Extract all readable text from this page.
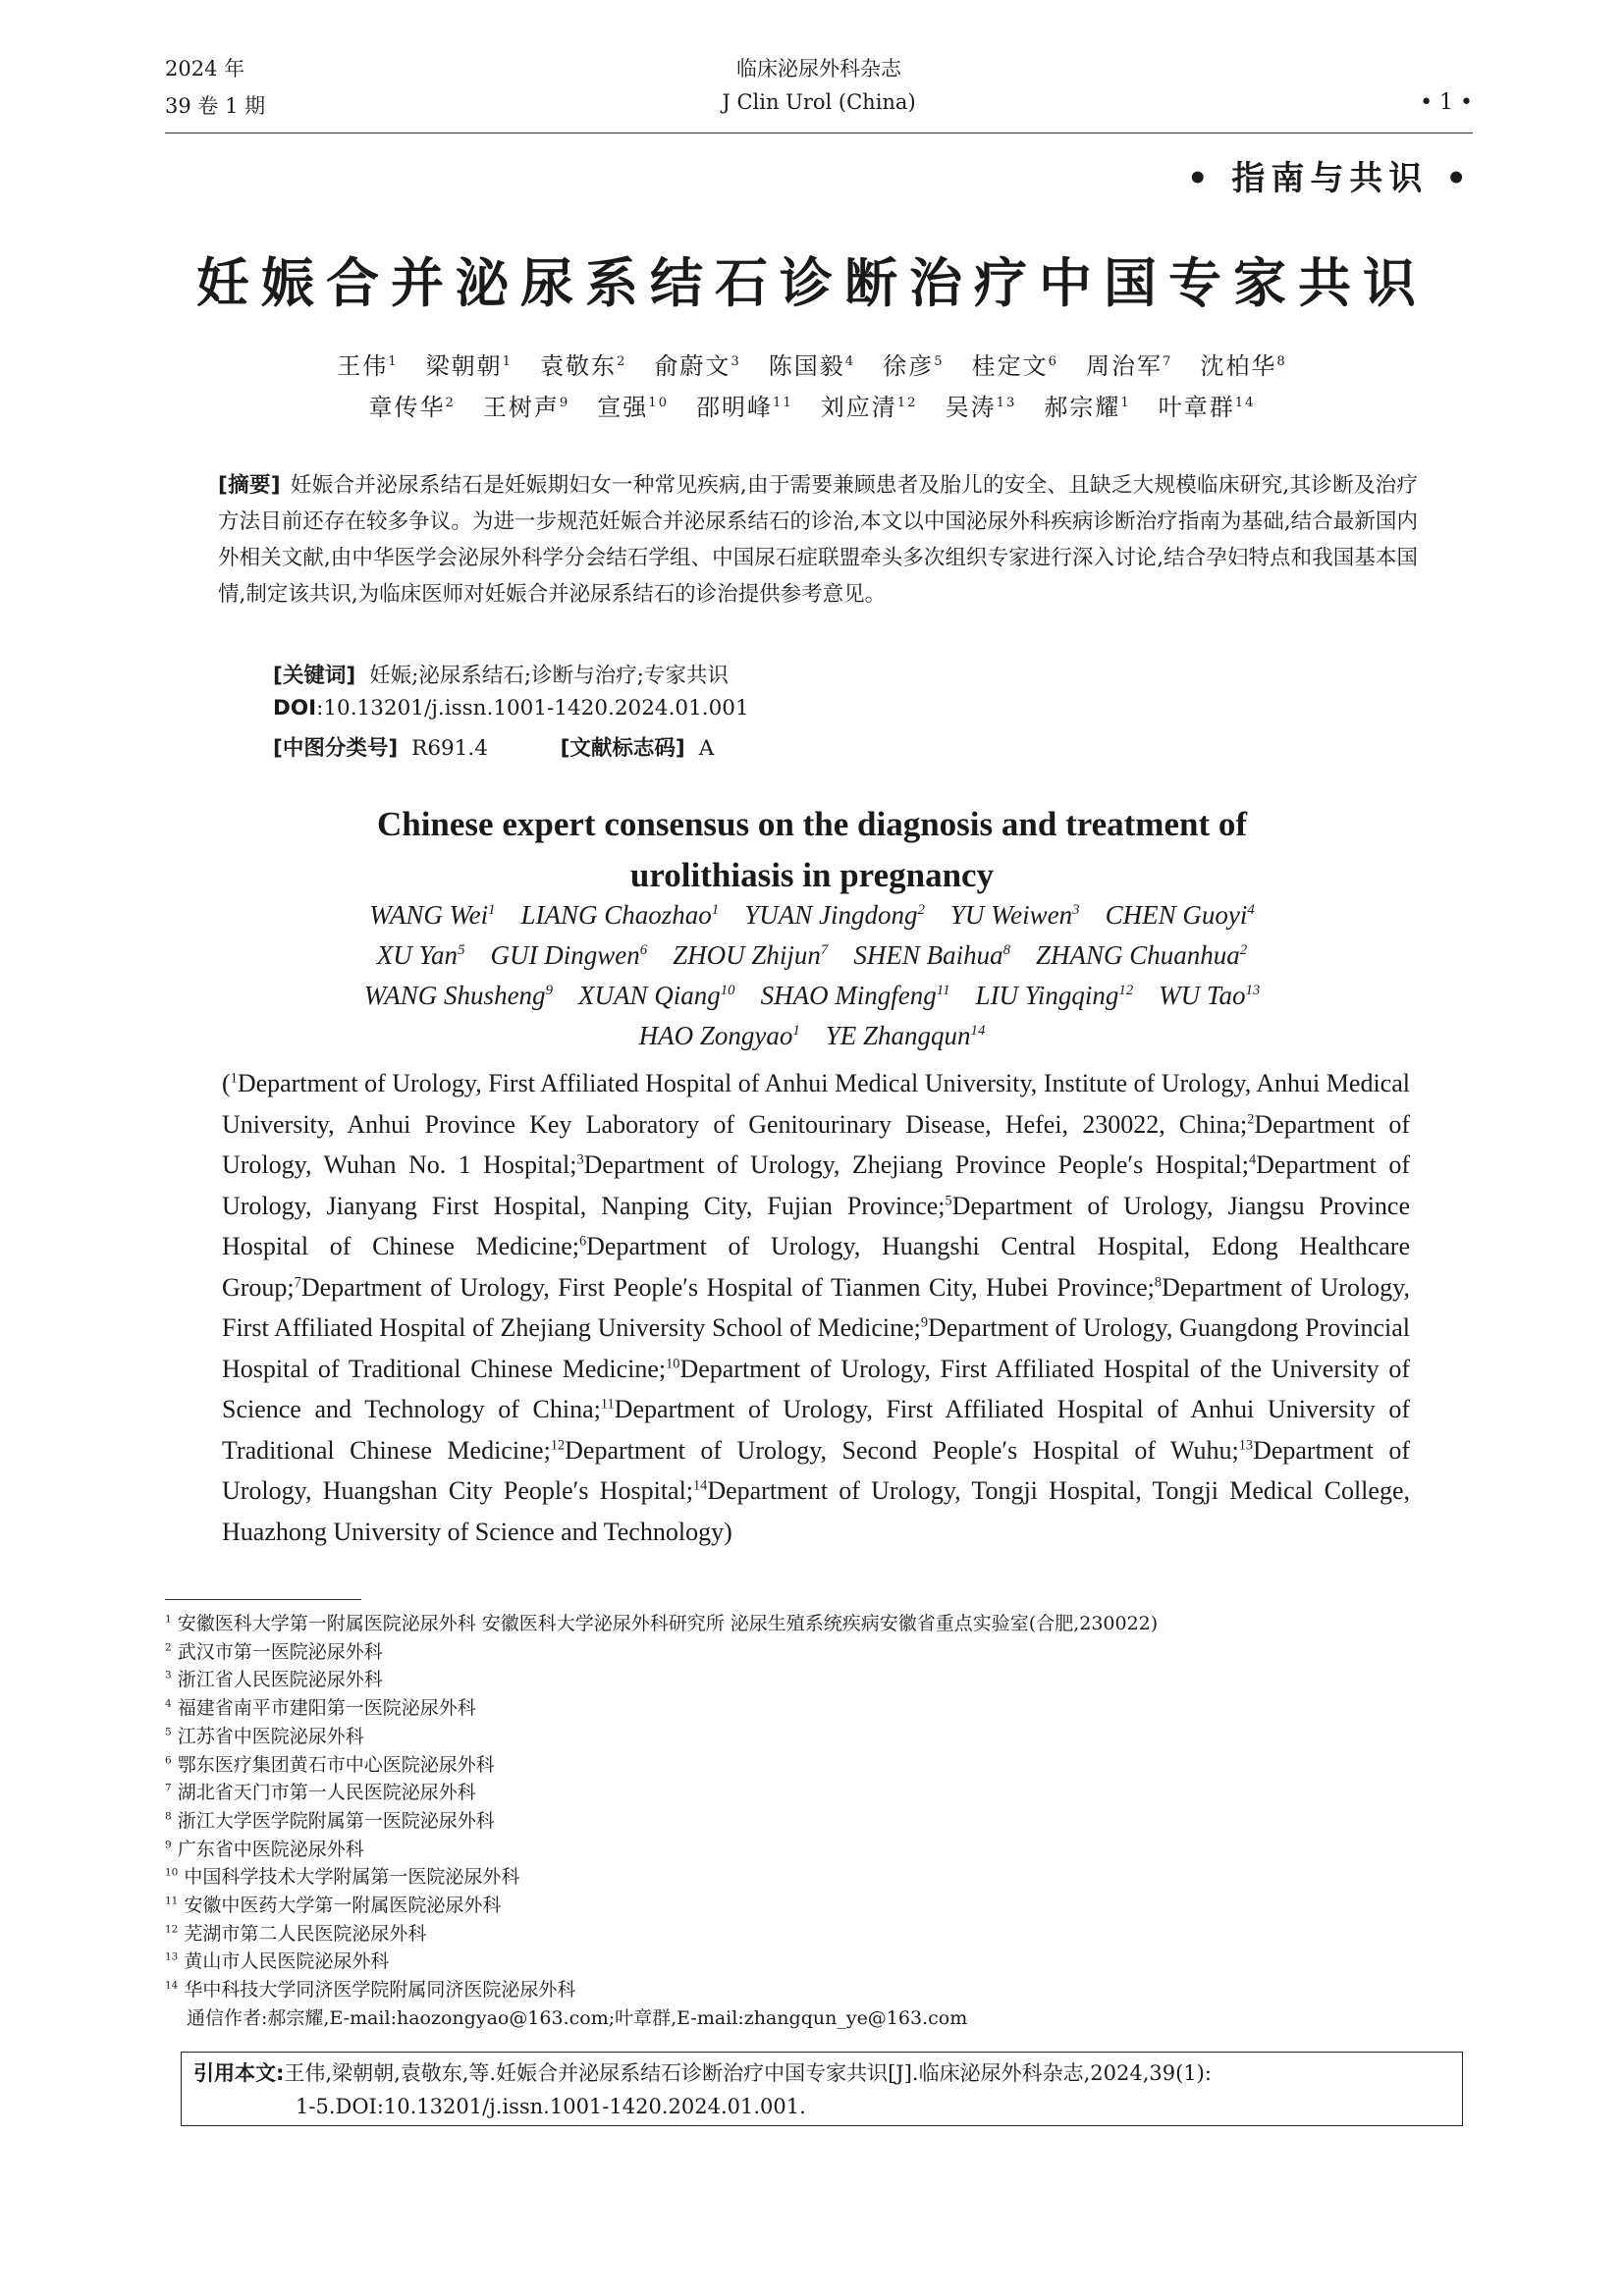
2024 年
39 卷 1 期
临床泌尿外科杂志
J Clin Urol (China)	• 1 •
• 指南与共识 •
妊娠合并泌尿系结石诊断治疗中国专家共识
王伟$^1$ 梁朝朝$^1$ 袁敬东$^2$ 俞蔚文$^3$ 陈国毅$^4$ 徐彦$^5$ 桂定文$^6$ 周治军$^7$ 沈柏华$^8$
章传华$^2$ 王树声$^9$ 宣强$^{10}$ 邵明峰$^{11}$ 刘应清$^{12}$ 吴涛$^{13}$ 郝宗耀$^1$ 叶章群$^{14}$
[摘要] 妊娠合并泌尿系结石是妊娠期妇女一种常见疾病,由于需要兼顾患者及胎儿的安全、且缺乏大规模临床研究,其诊断及治疗方法目前还存在较多争议。为进一步规范妊娠合并泌尿系结石的诊治,本文以中国泌尿外科疾病诊断治疗指南为基础,结合最新国内外相关文献,由中华医学会泌尿外科学分会结石学组、中国尿石症联盟牵头多次组织专家进行深入讨论,结合孕妇特点和我国基本国情,制定该共识,为临床医师对妊娠合并泌尿系结石的诊治提供参考意见。
[关键词] 妊娠;泌尿系结石;诊断与治疗;专家共识
DOI:10.13201/j.issn.1001-1420.2024.01.001
[中图分类号] R691.4	[文献标志码] A
Chinese expert consensus on the diagnosis and treatment of
urolithiasis in pregnancy
WANG Wei$^1$ LIANG Chaozhao$^1$ YUAN Jingdong$^2$ YU Weiwen$^3$ CHEN Guoyi$^4$
XU Yan$^5$ GUI Dingwen$^6$ ZHOU Zhijun$^7$ SHEN Baihua$^8$ ZHANG Chuanhua$^2$
WANG Shusheng$^9$ XUAN Qiang$^{10}$ SHAO Mingfeng$^{11}$ LIU Yingqing$^{12}$ WU Tao$^{13}$
HAO Zongyao$^1$ YE Zhangqun$^{14}$
($^1$Department of Urology, First Affiliated Hospital of Anhui Medical University, Institute of Urology, Anhui Medical University, Anhui Province Key Laboratory of Genitourinary Disease, Hefei, 230022, China;$^2$Department of Urology, Wuhan No. 1 Hospital;$^3$Department of Urology, Zhejiang Province People′s Hospital;$^4$Department of Urology, Jianyang First Hospital, Nanping City, Fujian Province;$^5$Department of Urology, Jiangsu Province Hospital of Chinese Medicine;$^6$Department of Urology, Huangshi Central Hospital, Edong Healthcare Group;$^7$Department of Urology, First People′s Hospital of Tianmen City, Hubei Province;$^8$Department of Urology, First Affiliated Hospital of Zhejiang University School of Medicine;$^9$Department of Urology, Guangdong Provincial Hospital of Traditional Chinese Medicine;$^{10}$Department of Urology, First Affiliated Hospital of the University of Science and Technology of China;$^{11}$Department of Urology, First Affiliated Hospital of Anhui University of Traditional Chinese Medicine;$^{12}$Department of Urology, Second People′s Hospital of Wuhu;$^{13}$Department of Urology, Huangshan City People′s Hospital;$^{14}$Department of Urology, Tongji Hospital, Tongji Medical College, Huazhong University of Science and Technology)
$^1$ 安徽医科大学第一附属医院泌尿外科 安徽医科大学泌尿外科研究所 泌尿生殖系统疾病安徽省重点实验室(合肥,230022)
$^2$ 武汉市第一医院泌尿外科
$^3$ 浙江省人民医院泌尿外科
$^4$ 福建省南平市建阳第一医院泌尿外科
$^5$ 江苏省中医院泌尿外科
$^6$ 鄂东医疗集团黄石市中心医院泌尿外科
$^7$ 湖北省天门市第一人民医院泌尿外科
$^8$ 浙江大学医学院附属第一医院泌尿外科
$^9$ 广东省中医院泌尿外科
$^{10}$ 中国科学技术大学附属第一医院泌尿外科
$^{11}$ 安徽中医药大学第一附属医院泌尿外科
$^{12}$ 芜湖市第二人民医院泌尿外科
$^{13}$ 黄山市人民医院泌尿外科
$^{14}$ 华中科技大学同济医学院附属同济医院泌尿外科
通信作者:郝宗耀,E-mail:haozongyao@163.com;叶章群,E-mail:zhangqun_ye@163.com
引用本文:王伟,梁朝朝,袁敬东,等.妊娠合并泌尿系结石诊断治疗中国专家共识[J].临床泌尿外科杂志,2024,39(1):
1-5.DOI:10.13201/j.issn.1001-1420.2024.01.001.
